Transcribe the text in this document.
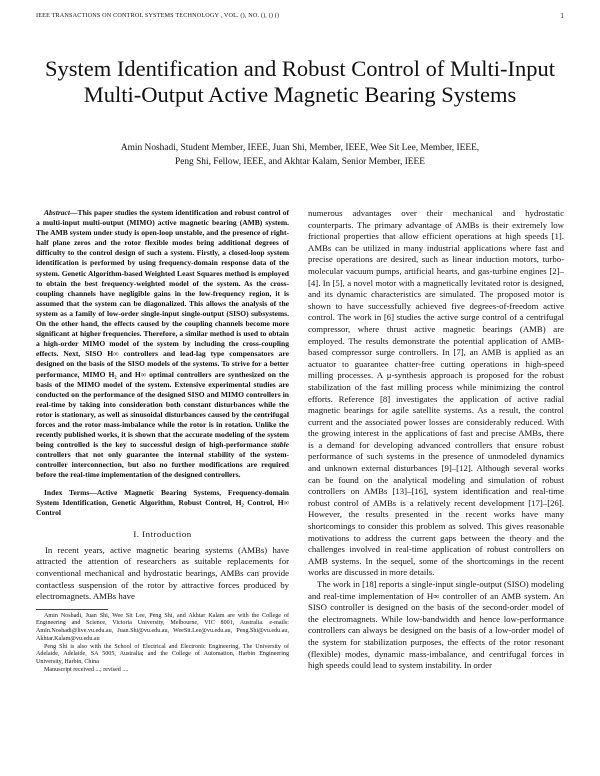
IEEE TRANSACTIONS ON CONTROL SYSTEMS TECHNOLOGY , VOL. (), NO. (), () ()	1
System Identification and Robust Control of Multi-Input Multi-Output Active Magnetic Bearing Systems
Amin Noshadi, Student Member, IEEE, Juan Shi, Member, IEEE, Wee Sit Lee, Member, IEEE,
Peng Shi, Fellow, IEEE, and Akhtar Kalam, Senior Member, IEEE

Abstract—This paper studies the system identification and robust control of a multi-input multi-output (MIMO) active magnetic bearing (AMB) system. The AMB system under study is open-loop unstable, and the presence of right-half plane zeros and the rotor flexible modes bring additional degrees of difficulty to the control design of such a system. Firstly, a closed-loop system identification is performed by using frequency-domain response data of the system. Genetic Algorithm-based Weighted Least Squares method is employed to obtain the best frequency-weighted model of the system. As the cross-coupling channels have negligible gains in the low-frequency region, it is assumed that the system can be diagonalized. This allows the analysis of the system as a family of low-order single-input single-output (SISO) subsystems. On the other hand, the effects caused by the coupling channels become more significant at higher frequencies. Therefore, a similar method is used to obtain a high-order MIMO model of the system by including the cross-coupling effects. Next, SISO H∞ controllers and lead-lag type compensators are designed on the basis of the SISO models of the systems. To strive for a better performance, MIMO H₂ and H∞ optimal controllers are synthesized on the basis of the MIMO model of the system. Extensive experimental studies are conducted on the performance of the designed SISO and MIMO controllers in real-time by taking into consideration both constant disturbances while the rotor is stationary, as well as sinusoidal disturbances caused by the centrifugal forces and the rotor mass-imbalance while the rotor is in rotation. Unlike the recently published works, it is shown that the accurate modeling of the system being controlled is the key to successful design of high-performance stable controllers that not only guarantee the internal stability of the system-controller interconnection, but also no further modifications are required before the real-time implementation of the designed controllers.

Index Terms—Active Magnetic Bearing Systems, Frequency-domain System Identification, Genetic Algorithm, Robust Control, H₂ Control, H∞ Control

I. Introduction

In recent years, active magnetic bearing systems (AMBs) have attracted the attention of researchers as suitable replacements for conventional mechanical and hydrostatic bearings, AMBs can provide contactless suspension of the rotor by attractive forces produced by electromagnets. AMBs have

Amin Noshadi, Juan Shi, Wee Sit Lee, Peng Shi, and Akhtar Kalam are with the College of Engineering and Science, Victoria University, Melbourne, VIC 8001, Australia. e-mails: Amin.Noshadi@live.vu.edu.au, Juan.Shi@vu.edu.au, WeeSit.Lee@vu.edu.au, Peng.Shi@vu.edu.au, Akhtar.Kalam@vu.edu.au

Peng Shi is also with the School of Electrical and Electronic Engineering, The University of Adelaide, Adelaide, SA 5005, Australia; and the College of Automation, Harbin Engineering University, Harbin, China

Manuscript received ...; revised ....

numerous advantages over their mechanical and hydrostatic counterparts. The primary advantage of AMBs is their extremely low frictional properties that allow efficient operations at high speeds [1]. AMBs can be utilized in many industrial applications where fast and precise operations are desired, such as linear induction motors, turbo-molecular vacuum pumps, artificial hearts, and gas-turbine engines [2]–[4]. In [5], a novel motor with a magnetically levitated rotor is designed, and its dynamic characteristics are simulated. The proposed motor is shown to have successfully achieved five degrees-of-freedom active control. The work in [6] studies the active surge control of a centrifugal compressor, where thrust active magnetic bearings (AMB) are employed. The results demonstrate the potential application of AMB-based compressor surge controllers. In [7], an AMB is applied as an actuator to guarantee chatter-free cutting operations in high-speed milling processes. A μ-synthesis approach is proposed for the robust stabilization of the fast milling process while minimizing the control efforts. Reference [8] investigates the application of active radial magnetic bearings for agile satellite systems. As a result, the control current and the associated power losses are considerably reduced. With the growing interest in the applications of fast and precise AMBs, there is a demand for developing advanced controllers that ensure robust performance of such systems in the presence of unmodeled dynamics and unknown external disturbances [9]–[12]. Although several works can be found on the analytical modeling and simulation of robust controllers on AMBs [13]–[16], system identification and real-time robust control of AMBs is a relatively recent development [17]–[26]. However, the results presented in the recent works have many shortcomings to consider this problem as solved. This gives reasonable motivations to address the current gaps between the theory and the challenges involved in real-time application of robust controllers on AMB systems. In the sequel, some of the shortcomings in the recent works are discussed in more details.

The work in [18] reports a single-input single-output (SISO) modeling and real-time implementation of H∞ controller of an AMB system. An SISO controller is designed on the basis of the second-order model of the electromagnets. While low-bandwidth and hence low-performance controllers can always be designed on the basis of a low-order model of the system for stabilization purposes, the effects of the rotor resonant (flexible) modes, dynamic mass-imbalance, and centrifugal forces in high speeds could lead to system instability. In order
